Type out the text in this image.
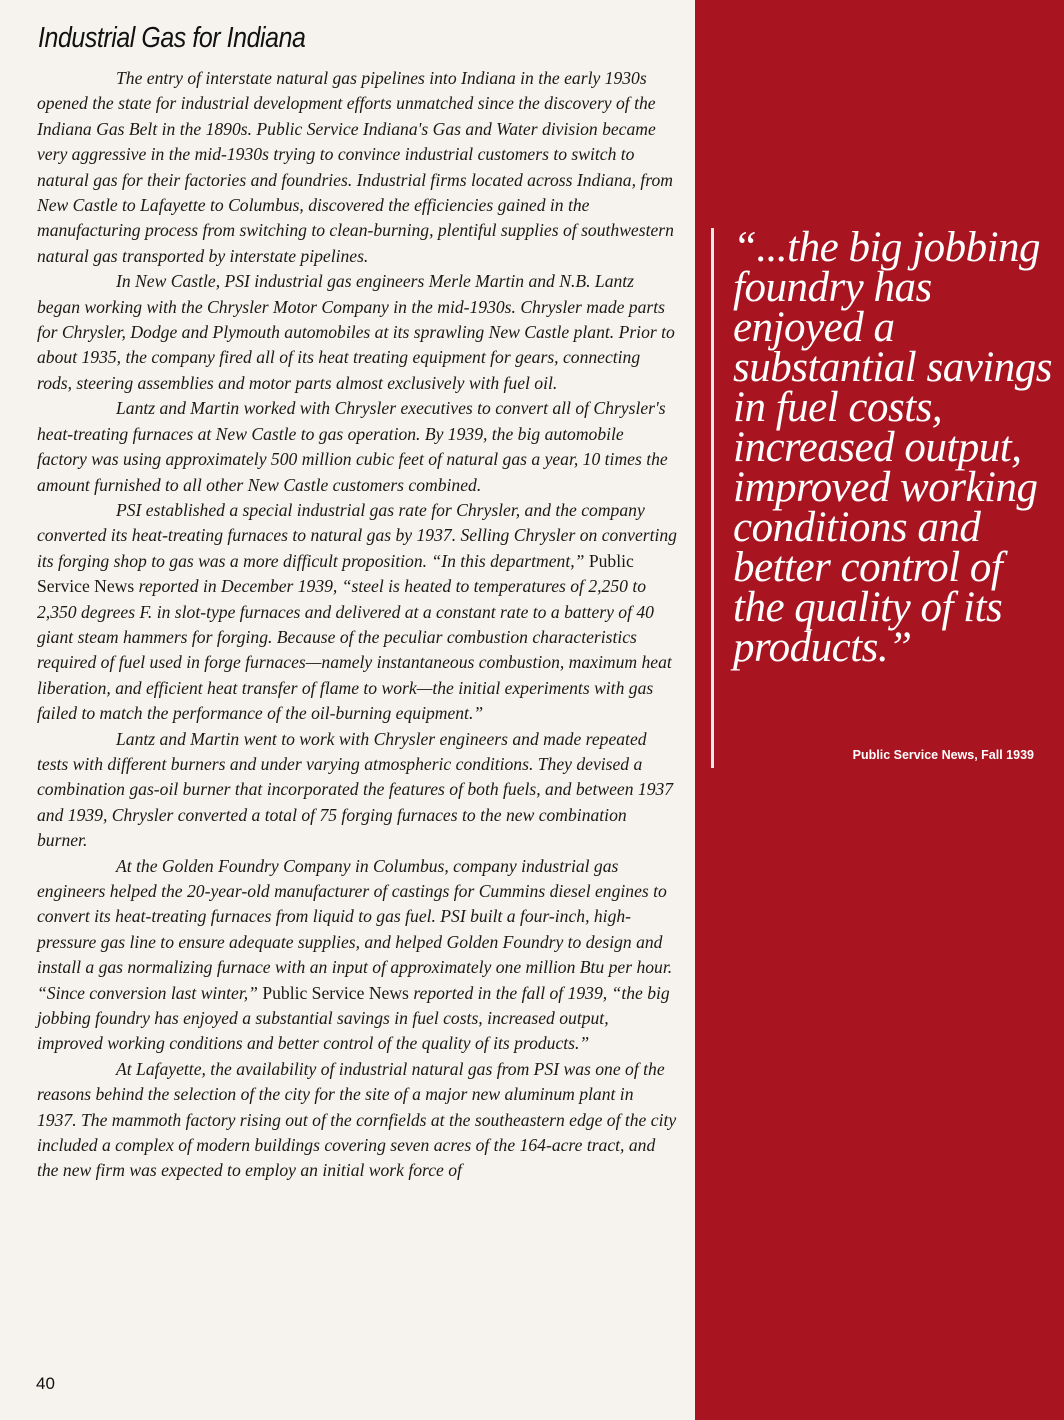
Industrial Gas for Indiana

The entry of interstate natural gas pipelines into Indiana in the early 1930s opened the state for industrial development efforts unmatched since the discovery of the Indiana Gas Belt in the 1890s. Public Service Indiana's Gas and Water division became very aggressive in the mid-1930s trying to convince industrial customers to switch to natural gas for their factories and foundries. Industrial firms located across Indiana, from New Castle to Lafayette to Columbus, discovered the efficiencies gained in the manufacturing process from switching to clean-burning, plentiful supplies of southwestern natural gas transported by interstate pipelines.

In New Castle, PSI industrial gas engineers Merle Martin and N.B. Lantz began working with the Chrysler Motor Company in the mid-1930s. Chrysler made parts for Chrysler, Dodge and Plymouth automobiles at its sprawling New Castle plant. Prior to about 1935, the company fired all of its heat treating equipment for gears, connecting rods, steering assemblies and motor parts almost exclusively with fuel oil.

Lantz and Martin worked with Chrysler executives to convert all of Chrysler's heat-treating furnaces at New Castle to gas operation. By 1939, the big automobile factory was using approximately 500 million cubic feet of natural gas a year, 10 times the amount furnished to all other New Castle customers combined.

PSI established a special industrial gas rate for Chrysler, and the company converted its heat-treating furnaces to natural gas by 1937. Selling Chrysler on converting its forging shop to gas was a more difficult proposition. “In this department,” Public Service News reported in December 1939, “steel is heated to temperatures of 2,250 to 2,350 degrees F. in slot-type furnaces and delivered at a constant rate to a battery of 40 giant steam hammers for forging. Because of the peculiar combustion characteristics required of fuel used in forge furnaces—namely instantaneous combustion, maximum heat liberation, and efficient heat transfer of flame to work—the initial experiments with gas failed to match the performance of the oil-burning equipment.”

Lantz and Martin went to work with Chrysler engineers and made repeated tests with different burners and under varying atmospheric conditions. They devised a combination gas-oil burner that incorporated the features of both fuels, and between 1937 and 1939, Chrysler converted a total of 75 forging furnaces to the new combination burner.

At the Golden Foundry Company in Columbus, company industrial gas engineers helped the 20-year-old manufacturer of castings for Cummins diesel engines to convert its heat-treating furnaces from liquid to gas fuel. PSI built a four-inch, high-pressure gas line to ensure adequate supplies, and helped Golden Foundry to design and install a gas normalizing furnace with an input of approximately one million Btu per hour. “Since conversion last winter,” Public Service News reported in the fall of 1939, “the big jobbing foundry has enjoyed a substantial savings in fuel costs, increased output, improved working conditions and better control of the quality of its products.”

At Lafayette, the availability of industrial natural gas from PSI was one of the reasons behind the selection of the city for the site of a major new aluminum plant in 1937. The mammoth factory rising out of the cornfields at the southeastern edge of the city included a complex of modern buildings covering seven acres of the 164-acre tract, and the new firm was expected to employ an initial work force of

40
“...the big jobbing foundry has enjoyed a substantial savings in fuel costs, increased output, improved working conditions and better control of the quality of its products.”
Public Service News, Fall 1939
